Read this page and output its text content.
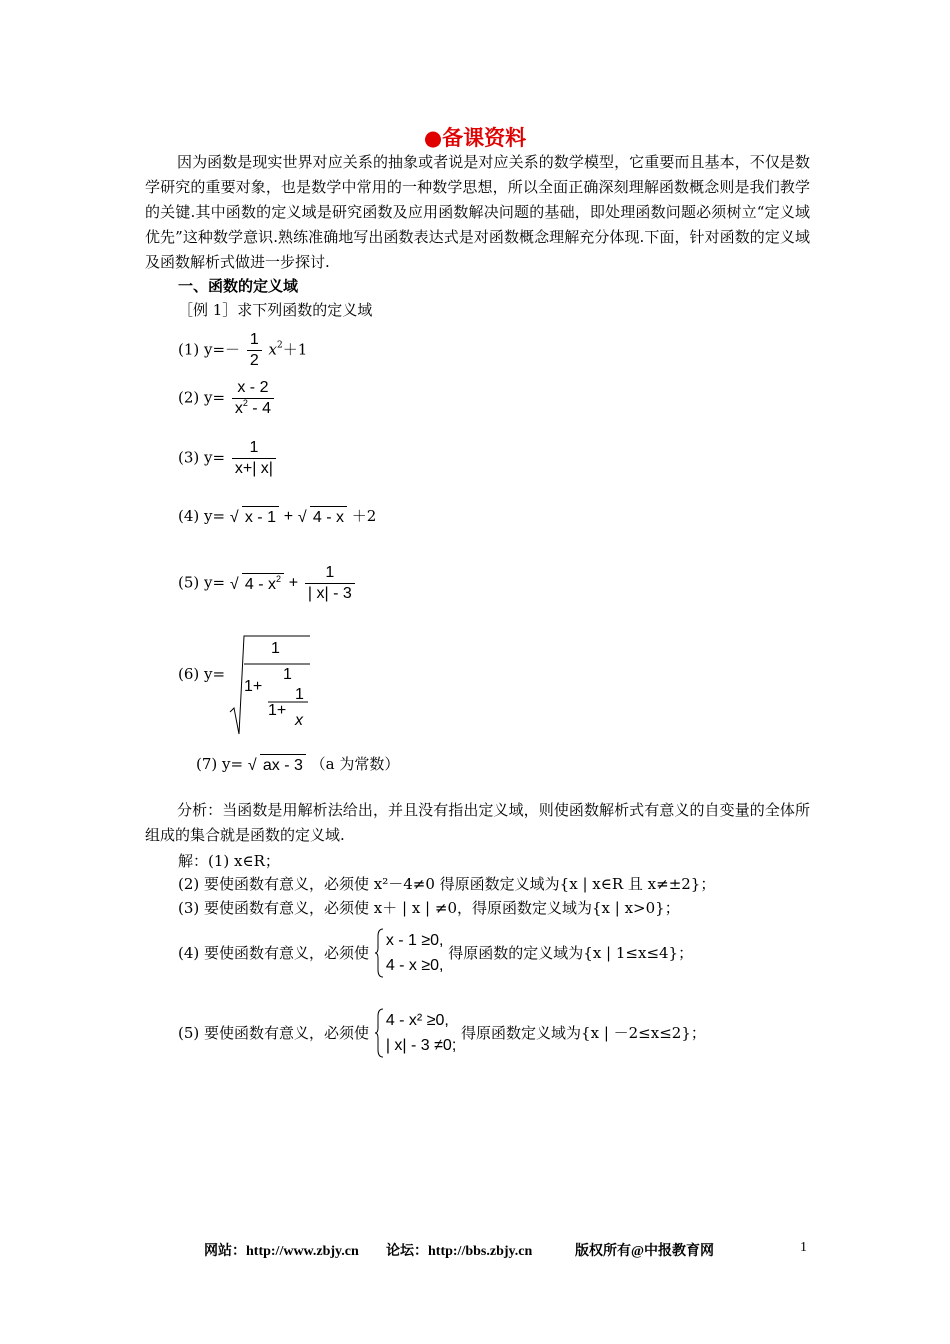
●备课资料
因为函数是现实世界对应关系的抽象或者说是对应关系的数学模型，它重要而且基本，不仅是数学研究的重要对象，也是数学中常用的一种数学思想，所以全面正确深刻理解函数概念则是我们教学的关键.其中函数的定义域是研究函数及应用函数解决问题的基础，即处理函数问题必须树立“定义域优先”这种数学意识.熟练准确地写出函数表达式是对函数概念理解充分体现.下面，针对函数的定义域及函数解析式做进一步探讨.
一、函数的定义域
［例 1］求下列函数的定义域
(1) $y=- \frac{1}{2} x^2+1$
(2) $y= \frac{x - 2}{x^2 - 4}$
(3) $y= \frac{1}{x+| x|}$
(4) y= √ x - 1 + √ 4 - x ＋2
(5) y= √ $4 - x^2 + \frac{1}{| x| - 3}$
(6) y=
1
1+
1
1+
1
x
(7) y= √ ax - 3 （a 为常数）
分析：当函数是用解析法给出，并且没有指出定义域，则使函数解析式有意义的自变量的全体所组成的集合就是函数的定义域.
解：(1) x∈R；
(2) 要使函数有意义，必须使 x²－4≠0 得原函数定义域为{x | x∈R 且 x≠±2}；
(3) 要使函数有意义，必须使 x＋ | x | ≠0，得原函数定义域为{x | x>0}；
(4) 要使函数有意义，必须使
x - 1 ≥0,
4 - x ≥0,
得原函数的定义域为{x | 1≤x≤4}；
(5) 要使函数有意义，必须使
4 - x² ≥0,
| x| - 3 ≠0;
得原函数定义域为{x | －2≤x≤2}；
网站：http://www.zbjy.cn 论坛：http://bbs.zbjy.cn	版权所有@中报教育网	1
